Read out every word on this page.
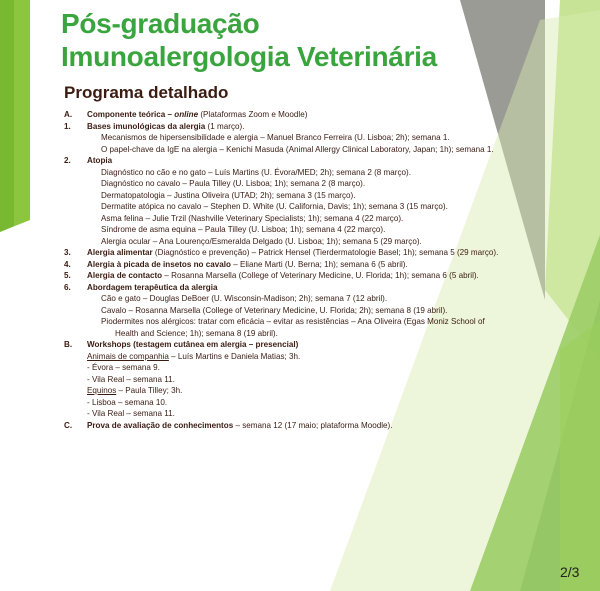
Pós-graduação
Imunoalergologia Veterinária
Programa detalhado
A.	Componente teórica – online (Plataformas Zoom e Moodle)
1.	Bases imunológicas da alergia (1 março).
Mecanismos de hipersensibilidade e alergia – Manuel Branco Ferreira (U. Lisboa; 2h); semana 1.
O papel-chave da IgE na alergia – Kenichi Masuda (Animal Allergy Clinical Laboratory, Japan; 1h); semana 1.
2.	Atopia
Diagnóstico no cão e no gato – Luís Martins (U. Évora/MED; 2h); semana 2 (8 março).
Diagnóstico no cavalo – Paula Tilley (U. Lisboa; 1h); semana 2 (8 março).
Dermatopatologia – Justina Oliveira (UTAD; 2h); semana 3 (15 março).
Dermatite atópica no cavalo – Stephen D. White (U. California, Davis; 1h); semana 3 (15 março).
Asma felina – Julie Trzil (Nashville Veterinary Specialists; 1h); semana 4 (22 março).
Síndrome de asma equina – Paula Tilley (U. Lisboa; 1h); semana 4 (22 março).
Alergia ocular – Ana Lourenço/Esmeralda Delgado (U. Lisboa; 1h); semana 5 (29 março).
3.	Alergia alimentar (Diagnóstico e prevenção) – Patrick Hensel (Tierdermatologie Basel; 1h); semana 5 (29 março).
4.	Alergia à picada de insetos no cavalo – Eliane Marti (U. Berna; 1h); semana 6 (5 abril).
5.	Alergia de contacto – Rosanna Marsella (College of Veterinary Medicine, U. Florida; 1h); semana 6 (5 abril).
6.	Abordagem terapêutica da alergia
Cão e gato – Douglas DeBoer (U. Wisconsin-Madison; 2h); semana 7 (12 abril).
Cavalo – Rosanna Marsella (College of Veterinary Medicine, U. Florida; 2h); semana 8 (19 abril).
Piodermites nos alérgicos: tratar com eficácia – evitar as resistências – Ana Oliveira (Egas Moniz School of Health and Science; 1h); semana 8 (19 abril).
B.	Workshops (testagem cutânea em alergia – presencial)
Animais de companhia – Luís Martins e Daniela Matias; 3h.
- Évora – semana 9.
- Vila Real – semana 11.
Equinos – Paula Tilley; 3h.
- Lisboa – semana 10.
- Vila Real – semana 11.
C.	Prova de avaliação de conhecimentos – semana 12 (17 maio; plataforma Moodle).
2/3
